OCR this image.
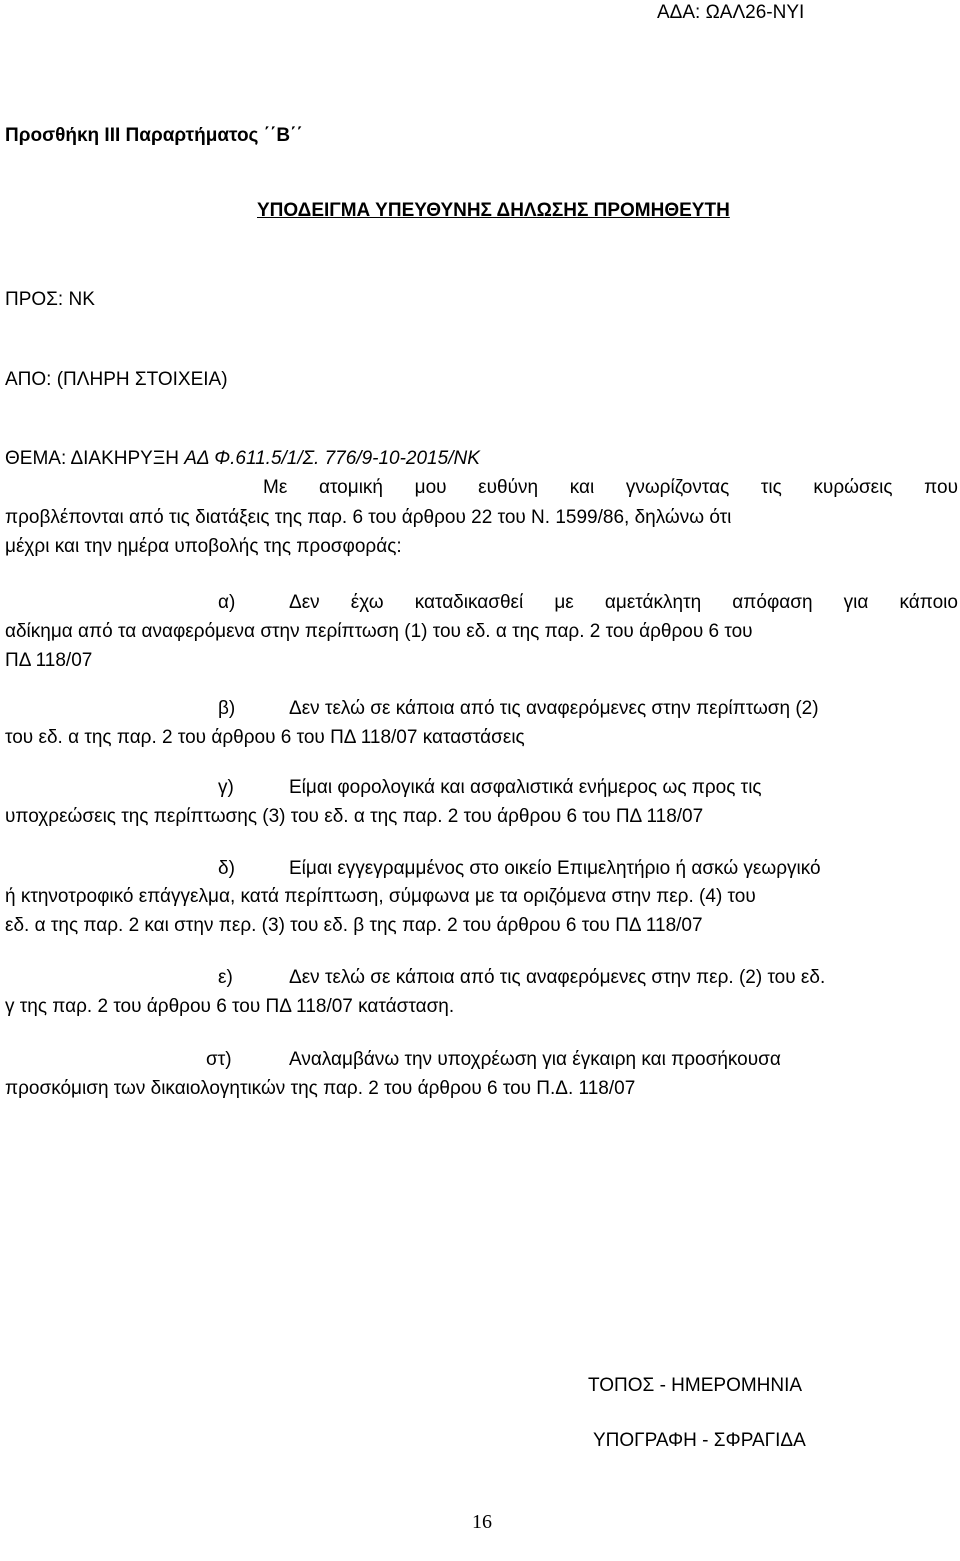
ΑΔΑ: ΩΑΛ26-ΝΥΙ
Προσθήκη ΙΙΙ Παραρτήματος ΄΄Β΄΄
ΥΠΟΔΕΙΓΜΑ ΥΠΕΥΘΥΝΗΣ ΔΗΛΩΣΗΣ ΠΡΟΜΗΘΕΥΤΗ
ΠΡΟΣ: ΝΚ
ΑΠΟ: (ΠΛΗΡΗ ΣΤΟΙΧΕΙΑ)
ΘΕΜΑ: ΔΙΑΚΗΡΥΞΗ ΑΔ Φ.611.5/1/Σ. 776/9-10-2015/ΝΚ
Με ατομική μου ευθύνη και γνωρίζοντας τις κυρώσεις που
προβλέπονται από τις διατάξεις της παρ. 6 του άρθρου 22 του Ν. 1599/86, δηλώνω ότι
μέχρι και την ημέρα υποβολής της προσφοράς:
α)	Δεν έχω καταδικασθεί με αμετάκλητη απόφαση για κάποιο
αδίκημα από τα αναφερόμενα στην περίπτωση (1) του εδ. α της παρ. 2 του άρθρου 6 του
ΠΔ 118/07
β)	Δεν τελώ σε κάποια από τις αναφερόμενες στην περίπτωση (2)
του εδ. α της παρ. 2 του άρθρου 6 του ΠΔ 118/07 καταστάσεις
γ)	Είμαι φορολογικά και ασφαλιστικά ενήμερος ως προς τις
υποχρεώσεις της περίπτωσης (3) του εδ. α της παρ. 2 του άρθρου 6 του ΠΔ 118/07
δ)	Είμαι εγγεγραμμένος στο οικείο Επιμελητήριο ή ασκώ γεωργικό
ή κτηνοτροφικό επάγγελμα, κατά περίπτωση, σύμφωνα με τα οριζόμενα στην περ. (4) του
εδ. α της παρ. 2 και στην περ. (3) του εδ. β της παρ. 2 του άρθρου 6 του ΠΔ 118/07
ε)	Δεν τελώ σε κάποια από τις αναφερόμενες στην περ. (2) του εδ.
γ της παρ. 2 του άρθρου 6 του ΠΔ 118/07 κατάσταση.
στ)	Αναλαμβάνω την υποχρέωση για έγκαιρη και προσήκουσα
προσκόμιση των δικαιολογητικών της παρ. 2 του άρθρου 6 του Π.Δ. 118/07
ΤΟΠΟΣ - ΗΜΕΡΟΜΗΝΙΑ
ΥΠΟΓΡΑΦΗ - ΣΦΡΑΓΙΔΑ
16
